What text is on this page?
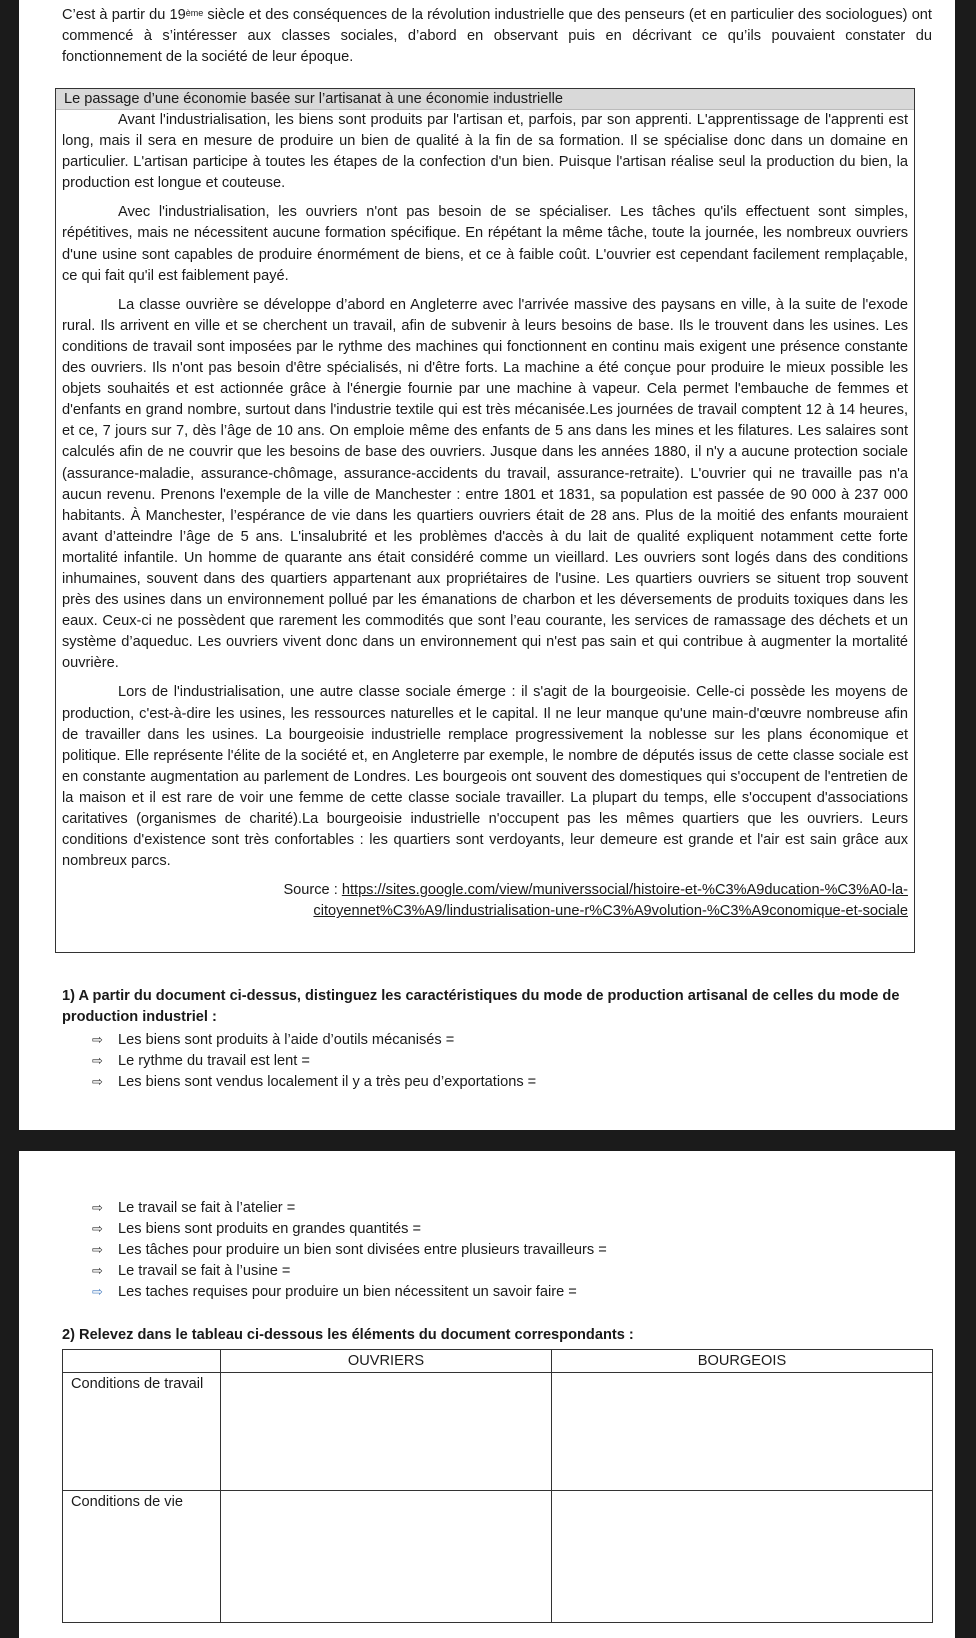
C’est à partir du 19ème siècle et des conséquences de la révolution industrielle que des penseurs (et en particulier des sociologues) ont commencé à s’intéresser aux classes sociales, d’abord en observant puis en décrivant ce qu’ils pouvaient constater du fonctionnement de la société de leur époque.

Le passage d’une économie basée sur l’artisanat à une économie industrielle

Avant l'industrialisation, les biens sont produits par l'artisan et, parfois, par son apprenti. L'apprentissage de l'apprenti est long, mais il sera en mesure de produire un bien de qualité à la fin de sa formation. Il se spécialise donc dans un domaine en particulier. L'artisan participe à toutes les étapes de la confection d'un bien. Puisque l'artisan réalise seul la production du bien, la production est longue et couteuse.

Avec l'industrialisation, les ouvriers n'ont pas besoin de se spécialiser. Les tâches qu'ils effectuent sont simples, répétitives, mais ne nécessitent aucune formation spécifique. En répétant la même tâche, toute la journée, les nombreux ouvriers d'une usine sont capables de produire énormément de biens, et ce à faible coût. L'ouvrier est cependant facilement remplaçable, ce qui fait qu'il est faiblement payé.

La classe ouvrière se développe d’abord en Angleterre avec l'arrivée massive des paysans en ville, à la suite de l'exode rural. Ils arrivent en ville et se cherchent un travail, afin de subvenir à leurs besoins de base. Ils le trouvent dans les usines. Les conditions de travail sont imposées par le rythme des machines qui fonctionnent en continu mais exigent une présence constante des ouvriers. Ils n'ont pas besoin d'être spécialisés, ni d'être forts. La machine a été conçue pour produire le mieux possible les objets souhaités et est actionnée grâce à l'énergie fournie par une machine à vapeur. Cela permet l'embauche de femmes et d'enfants en grand nombre, surtout dans l'industrie textile qui est très mécanisée.Les journées de travail comptent 12 à 14 heures, et ce, 7 jours sur 7, dès l’âge de 10 ans. On emploie même des enfants de 5 ans dans les mines et les filatures. Les salaires sont calculés afin de ne couvrir que les besoins de base des ouvriers. Jusque dans les années 1880, il n'y a aucune protection sociale (assurance-maladie, assurance-chômage, assurance-accidents du travail, assurance-retraite). L'ouvrier qui ne travaille pas n'a aucun revenu. Prenons l'exemple de la ville de Manchester : entre 1801 et 1831, sa population est passée de 90 000 à 237 000 habitants. À Manchester, l’espérance de vie dans les quartiers ouvriers était de 28 ans. Plus de la moitié des enfants mouraient avant d’atteindre l’âge de 5 ans. L'insalubrité et les problèmes d'accès à du lait de qualité expliquent notamment cette forte mortalité infantile. Un homme de quarante ans était considéré comme un vieillard. Les ouvriers sont logés dans des conditions inhumaines, souvent dans des quartiers appartenant aux propriétaires de l'usine. Les quartiers ouvriers se situent trop souvent près des usines dans un environnement pollué par les émanations de charbon et les déversements de produits toxiques dans les eaux. Ceux-ci ne possèdent que rarement les commodités que sont l’eau courante, les services de ramassage des déchets et un système d’aqueduc. Les ouvriers vivent donc dans un environnement qui n'est pas sain et qui contribue à augmenter la mortalité ouvrière.

Lors de l'industrialisation, une autre classe sociale émerge : il s'agit de la bourgeoisie. Celle-ci possède les moyens de production, c'est-à-dire les usines, les ressources naturelles et le capital. Il ne leur manque qu'une main-d'œuvre nombreuse afin de travailler dans les usines. La bourgeoisie industrielle remplace progressivement la noblesse sur les plans économique et politique. Elle représente l'élite de la société et, en Angleterre par exemple, le nombre de députés issus de cette classe sociale est en constante augmentation au parlement de Londres. Les bourgeois ont souvent des domestiques qui s'occupent de l'entretien de la maison et il est rare de voir une femme de cette classe sociale travailler. La plupart du temps, elle s'occupent d'associations caritatives (organismes de charité).La bourgeoisie industrielle n'occupent pas les mêmes quartiers que les ouvriers. Leurs conditions d'existence sont très confortables : les quartiers sont verdoyants, leur demeure est grande et l'air est sain grâce aux nombreux parcs.

Source : https://sites.google.com/view/muniverssocial/histoire-et-%C3%A9ducation-%C3%A0-la-
citoyennet%C3%A9/lindustrialisation-une-r%C3%A9volution-%C3%A9conomique-et-sociale

1) A partir du document ci-dessus, distinguez les caractéristiques du mode de production artisanal de celles du mode de production industriel :

⇨ Les biens sont produits à l’aide d’outils mécanisés =
⇨ Le rythme du travail est lent =
⇨ Les biens sont vendus localement il y a très peu d’exportations =
⇨ Le travail se fait à l’atelier =
⇨ Les biens sont produits en grandes quantités =
⇨ Les tâches pour produire un bien sont divisées entre plusieurs travailleurs =
⇨ Le travail se fait à l’usine =
⇨ Les taches requises pour produire un bien nécessitent un savoir faire =

2) Relevez dans le tableau ci-dessous les éléments du document correspondants :

	OUVRIERS	BOURGEOIS
Conditions de travail		
Conditions de vie		
